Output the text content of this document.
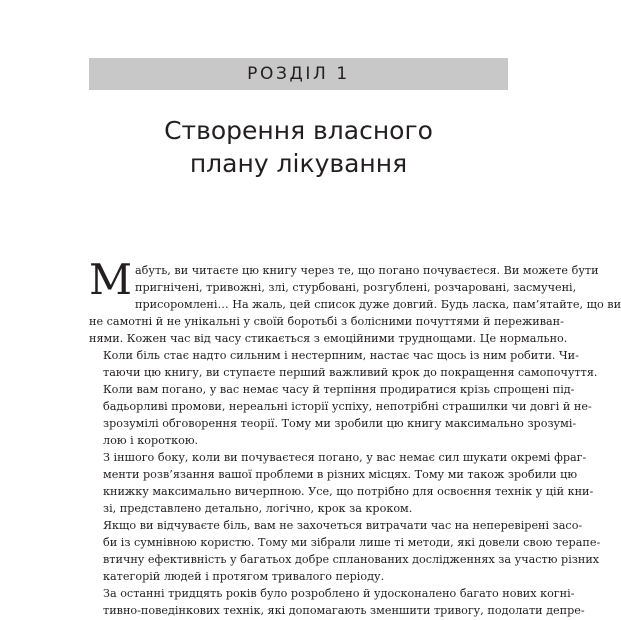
РОЗДІЛ 1
Створення власного
плану лікування
М абуть, ви читаєте цю книгу через те, що погано почуваєтеся. Ви можете бути
пригнічені, тривожні, злі, стурбовані, розгублені, розчаровані, засмучені,
присоромлені… На жаль, цей список дуже довгий. Будь ласка, пам’ятайте, що ви
не самотні й не унікальні у своїй боротьбі з болісними почуттями й переживан-
нями. Кожен час від часу стикається з емоційними труднощами. Це нормально.
Коли біль стає надто сильним і нестерпним, настає час щось із ним робити. Чи-
таючи цю книгу, ви ступаєте перший важливий крок до покращення самопочуття.
Коли вам погано, у вас немає часу й терпіння продиратися крізь спрощені під-
бадьорливі промови, нереальні історії успіху, непотрібні страшилки чи довгі й не-
зрозумілі обговорення теорії. Тому ми зробили цю книгу максимально зрозумі-
лою і короткою.
З іншого боку, коли ви почуваєтеся погано, у вас немає сил шукати окремі фраг-
менти розв’язання вашої проблеми в різних місцях. Тому ми також зробили цю
книжку максимально вичерпною. Усе, що потрібно для освоєння технік у цій кни-
зі, представлено детально, логічно, крок за кроком.
Якщо ви відчуваєте біль, вам не захочеться витрачати час на неперевірені засо-
би із сумнівною користю. Тому ми зібрали лише ті методи, які довели свою терапе-
втичну ефективність у багатьох добре спланованих дослідженнях за участю різних
категорій людей і протягом тривалого періоду.
За останні тридцять років було розроблено й удосконалено багато нових когні-
тивно-поведінкових технік, які допомагають зменшити тривогу, подолати депре-
